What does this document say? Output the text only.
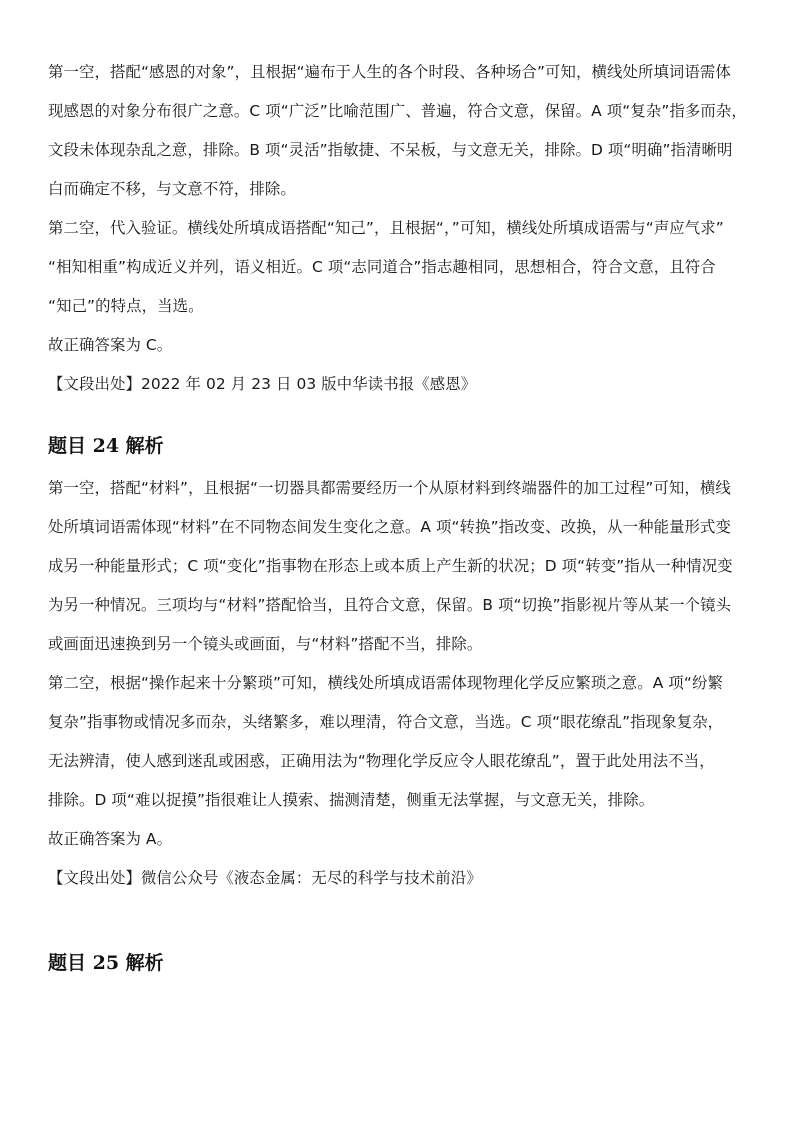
第一空，搭配“感恩的对象”，且根据“遍布于人生的各个时段、各种场合”可知，横线处所填词语需体
现感恩的对象分布很广之意。C 项“广泛”比喻范围广、普遍，符合文意，保留。A 项“复杂”指多而杂，
文段未体现杂乱之意，排除。B 项“灵活”指敏捷、不呆板，与文意无关，排除。D 项“明确”指清晰明
白而确定不移，与文意不符，排除。
第二空，代入验证。横线处所填成语搭配“知己”，且根据“，”可知，横线处所填成语需与“声应气求”
“相知相重”构成近义并列，语义相近。C 项“志同道合”指志趣相同，思想相合，符合文意，且符合
“知己”的特点，当选。
故正确答案为 C。
【文段出处】2022 年 02 月 23 日 03 版中华读书报《感恩》
题目 24 解析
第一空，搭配“材料”，且根据“一切器具都需要经历一个从原材料到终端器件的加工过程”可知，横线
处所填词语需体现“材料”在不同物态间发生变化之意。A 项“转换”指改变、改换，从一种能量形式变
成另一种能量形式；C 项“变化”指事物在形态上或本质上产生新的状况；D 项“转变”指从一种情况变
为另一种情况。三项均与“材料”搭配恰当，且符合文意，保留。B 项“切换”指影视片等从某一个镜头
或画面迅速换到另一个镜头或画面，与“材料”搭配不当，排除。
第二空，根据“操作起来十分繁琐”可知，横线处所填成语需体现物理化学反应繁琐之意。A 项“纷繁
复杂”指事物或情况多而杂，头绪繁多，难以理清，符合文意，当选。C 项“眼花缭乱”指现象复杂，
无法辨清，使人感到迷乱或困惑，正确用法为“物理化学反应令人眼花缭乱”，置于此处用法不当，
排除。D 项“难以捉摸”指很难让人摸索、揣测清楚，侧重无法掌握，与文意无关，排除。
故正确答案为 A。
【文段出处】微信公众号《液态金属：无尽的科学与技术前沿》
题目 25 解析
